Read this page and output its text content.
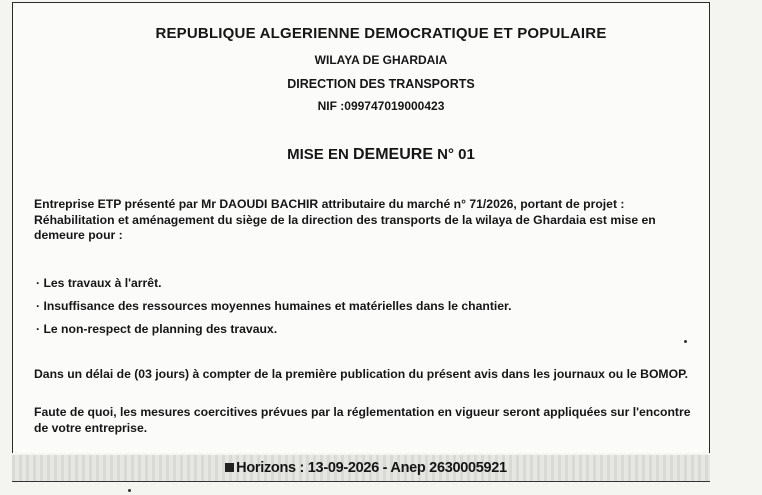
REPUBLIQUE ALGERIENNE DEMOCRATIQUE ET POPULAIRE
WILAYA DE GHARDAIA
DIRECTION DES TRANSPORTS
NIF :099747019000423
MISE EN DEMEURE N° 01
Entreprise ETP présenté par Mr DAOUDI BACHIR attributaire du marché n° 71/2026, portant de projet : Réhabilitation et aménagement du siège de la direction des transports de la wilaya de Ghardaia est mise en demeure pour :
· Les travaux à l'arrêt.
· Insuffisance des ressources moyennes humaines et matérielles dans le chantier.
· Le non-respect de planning des travaux.
Dans un délai de (03 jours) à compter de la première publication du présent avis dans les journaux ou le BOMOP.
Faute de quoi, les mesures coercitives prévues par la réglementation en vigueur seront appliquées sur l'encontre de votre entreprise.
Horizons : 13-09-2026 - Anep 2630005921
